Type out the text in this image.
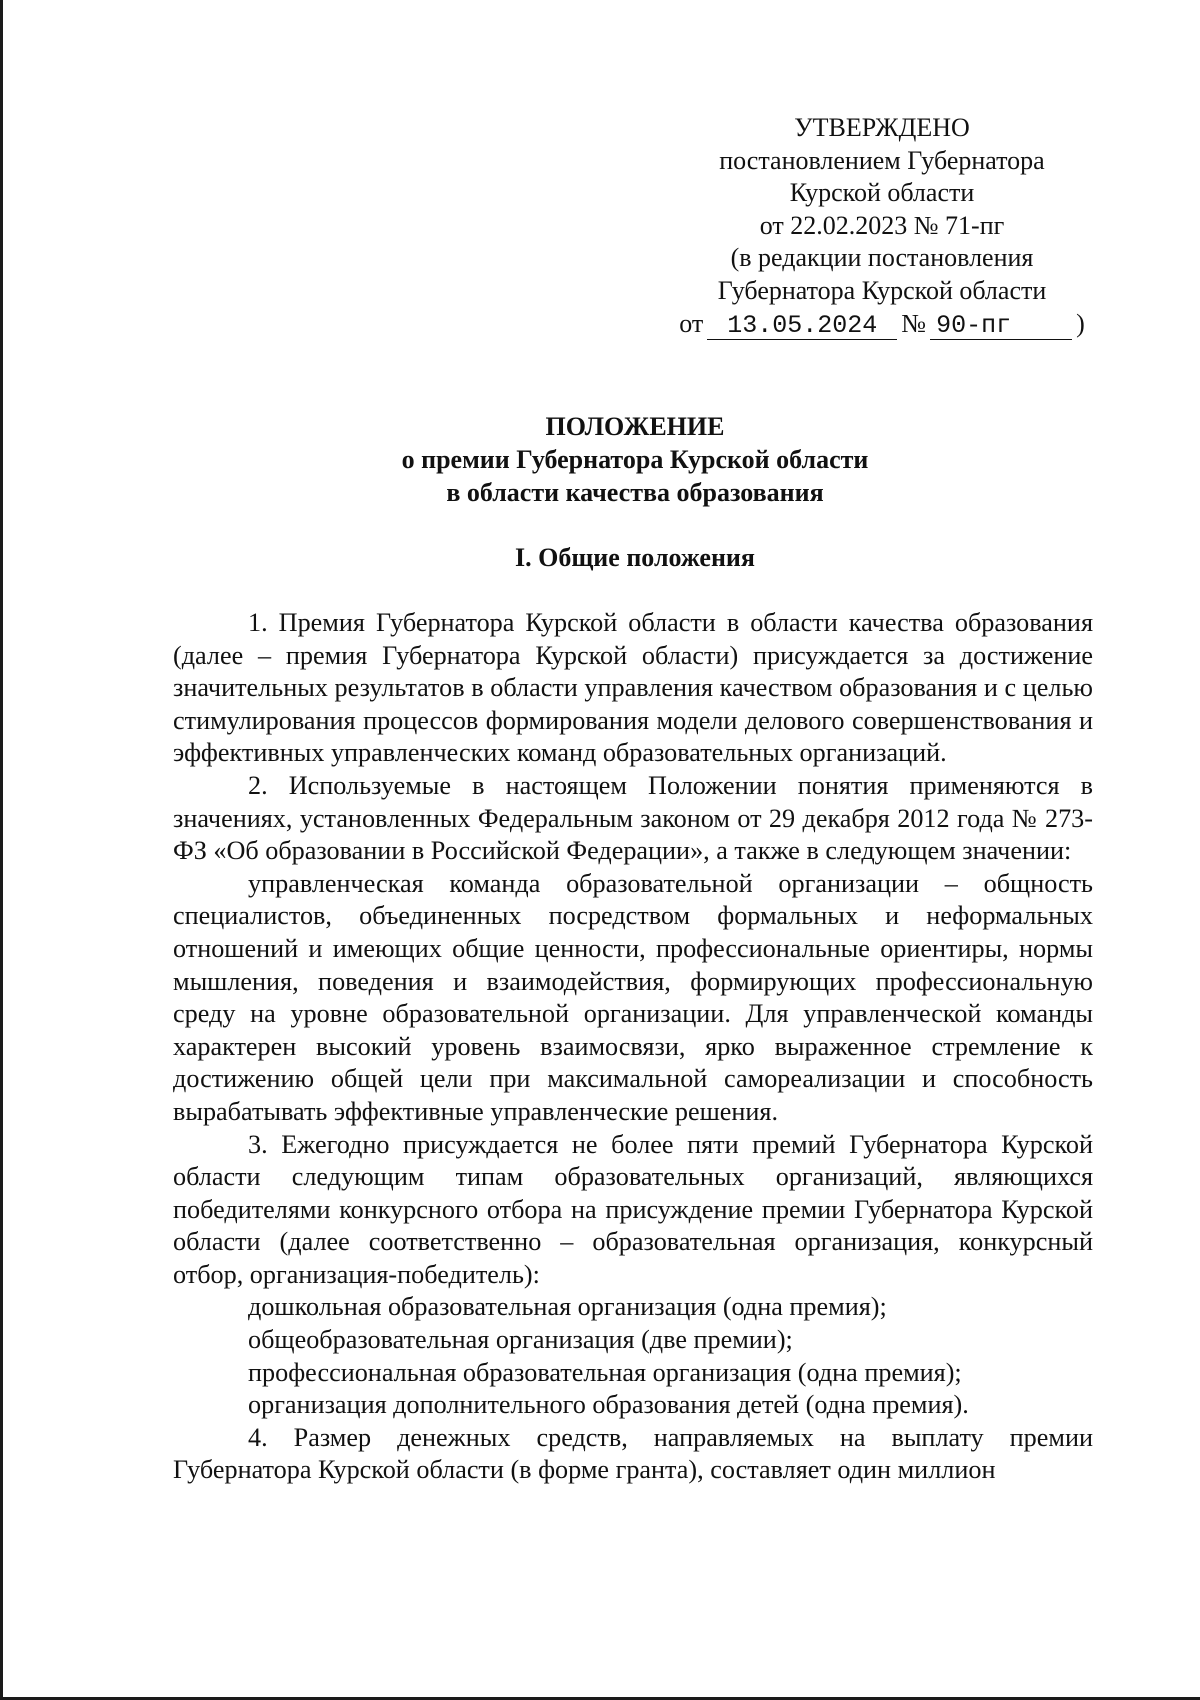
УТВЕРЖДЕНО
постановлением Губернатора
Курской области
от 22.02.2023 № 71-пг
(в редакции постановления
Губернатора Курской области
от 13.05.2024 № 90-пг	)
ПОЛОЖЕНИЕ
о премии Губернатора Курской области
в области качества образования
I. Общие положения

1. Премия Губернатора Курской области в области качества образования (далее – премия Губернатора Курской области) присуждается за достижение значительных результатов в области управления качеством образования и с целью стимулирования процессов формирования модели делового совершенствования и эффективных управленческих команд образовательных организаций.

2. Используемые в настоящем Положении понятия применяются в значениях, установленных Федеральным законом от 29 декабря 2012 года № 273-ФЗ «Об образовании в Российской Федерации», а также в следующем значении:

управленческая команда образовательной организации – общность специалистов, объединенных посредством формальных и неформальных отношений и имеющих общие ценности, профессиональные ориентиры, нормы мышления, поведения и взаимодействия, формирующих профессиональную среду на уровне образовательной организации. Для управленческой команды характерен высокий уровень взаимосвязи, ярко выраженное стремление к достижению общей цели при максимальной самореализации и способность вырабатывать эффективные управленческие решения.

3. Ежегодно присуждается не более пяти премий Губернатора Курской области следующим типам образовательных организаций, являющихся победителями конкурсного отбора на присуждение премии Губернатора Курской области (далее соответственно – образовательная организация, конкурсный отбор, организация-победитель):

дошкольная образовательная организация (одна премия);

общеобразовательная организация (две премии);

профессиональная образовательная организация (одна премия);

организация дополнительного образования детей (одна премия).

4. Размер денежных средств, направляемых на выплату премии Губернатора Курской области (в форме гранта), составляет один миллион
